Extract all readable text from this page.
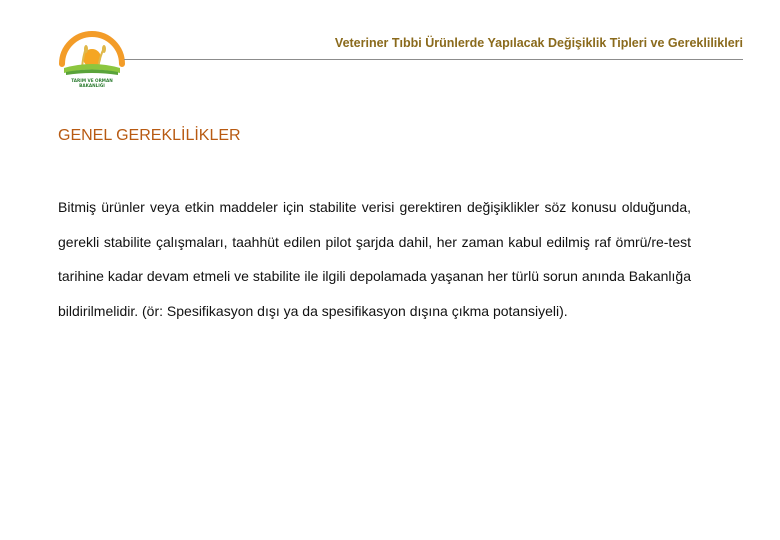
TARIM VE ORMAN
BAKANLIĞI
Veteriner Tıbbi Ürünlerde Yapılacak Değişiklik Tipleri ve Gereklilikleri
GENEL GEREKLİLİKLER

Bitmiş ürünler veya etkin maddeler için stabilite verisi gerektiren değişiklikler söz konusu olduğunda, gerekli stabilite çalışmaları, taahhüt edilen pilot şarjda dahil, her zaman kabul edilmiş raf ömrü/re-test tarihine kadar devam etmeli ve stabilite ile ilgili depolamada yaşanan her türlü sorun anında Bakanlığa bildirilmelidir. (ör: Spesifikasyon dışı ya da spesifikasyon dışına çıkma potansiyeli).
